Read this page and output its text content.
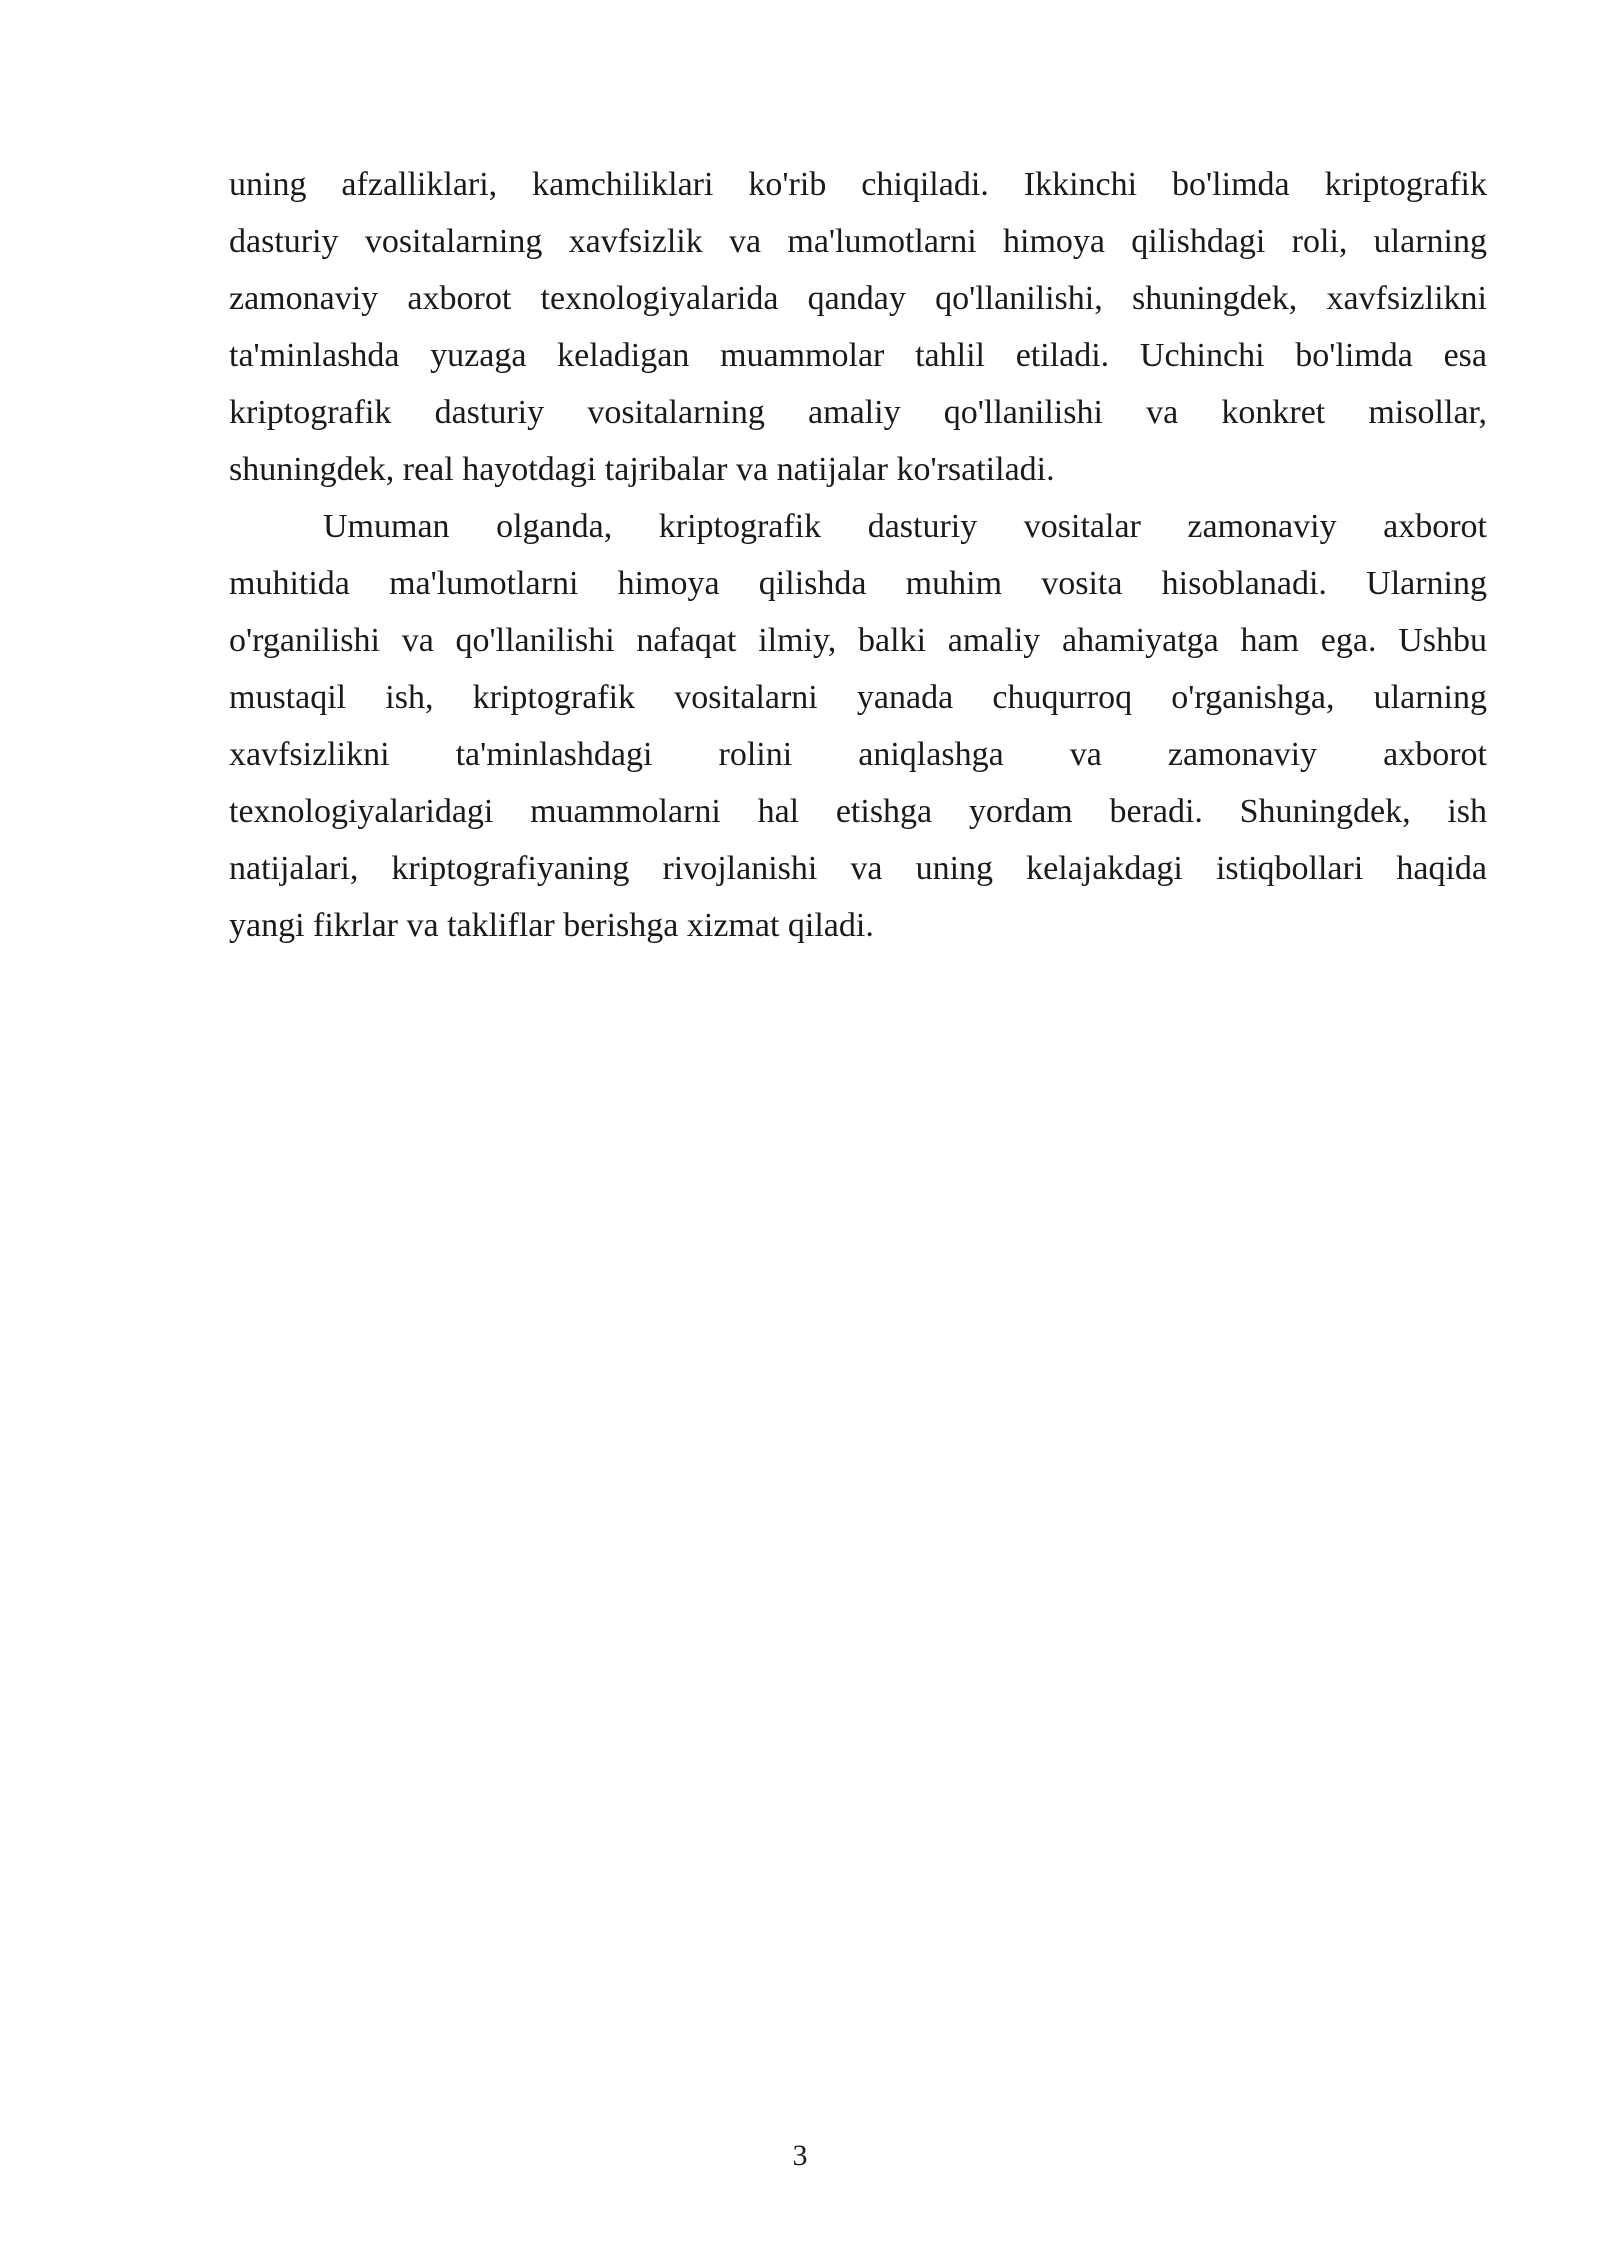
uning afzalliklari, kamchiliklari ko'rib chiqiladi. Ikkinchi bo'limda kriptografik
dasturiy vositalarning xavfsizlik va ma'lumotlarni himoya qilishdagi roli, ularning
zamonaviy axborot texnologiyalarida qanday qo'llanilishi, shuningdek, xavfsizlikni
ta'minlashda yuzaga keladigan muammolar tahlil etiladi. Uchinchi bo'limda esa
kriptografik dasturiy vositalarning amaliy qo'llanilishi va konkret misollar,
shuningdek, real hayotdagi tajribalar va natijalar ko'rsatiladi.
Umuman olganda, kriptografik dasturiy vositalar zamonaviy axborot
muhitida ma'lumotlarni himoya qilishda muhim vosita hisoblanadi. Ularning
o'rganilishi va qo'llanilishi nafaqat ilmiy, balki amaliy ahamiyatga ham ega. Ushbu
mustaqil ish, kriptografik vositalarni yanada chuqurroq o'rganishga, ularning
xavfsizlikni ta'minlashdagi rolini aniqlashga va zamonaviy axborot
texnologiyalaridagi muammolarni hal etishga yordam beradi. Shuningdek, ish
natijalari, kriptografiyaning rivojlanishi va uning kelajakdagi istiqbollari haqida
yangi fikrlar va takliflar berishga xizmat qiladi.
3
